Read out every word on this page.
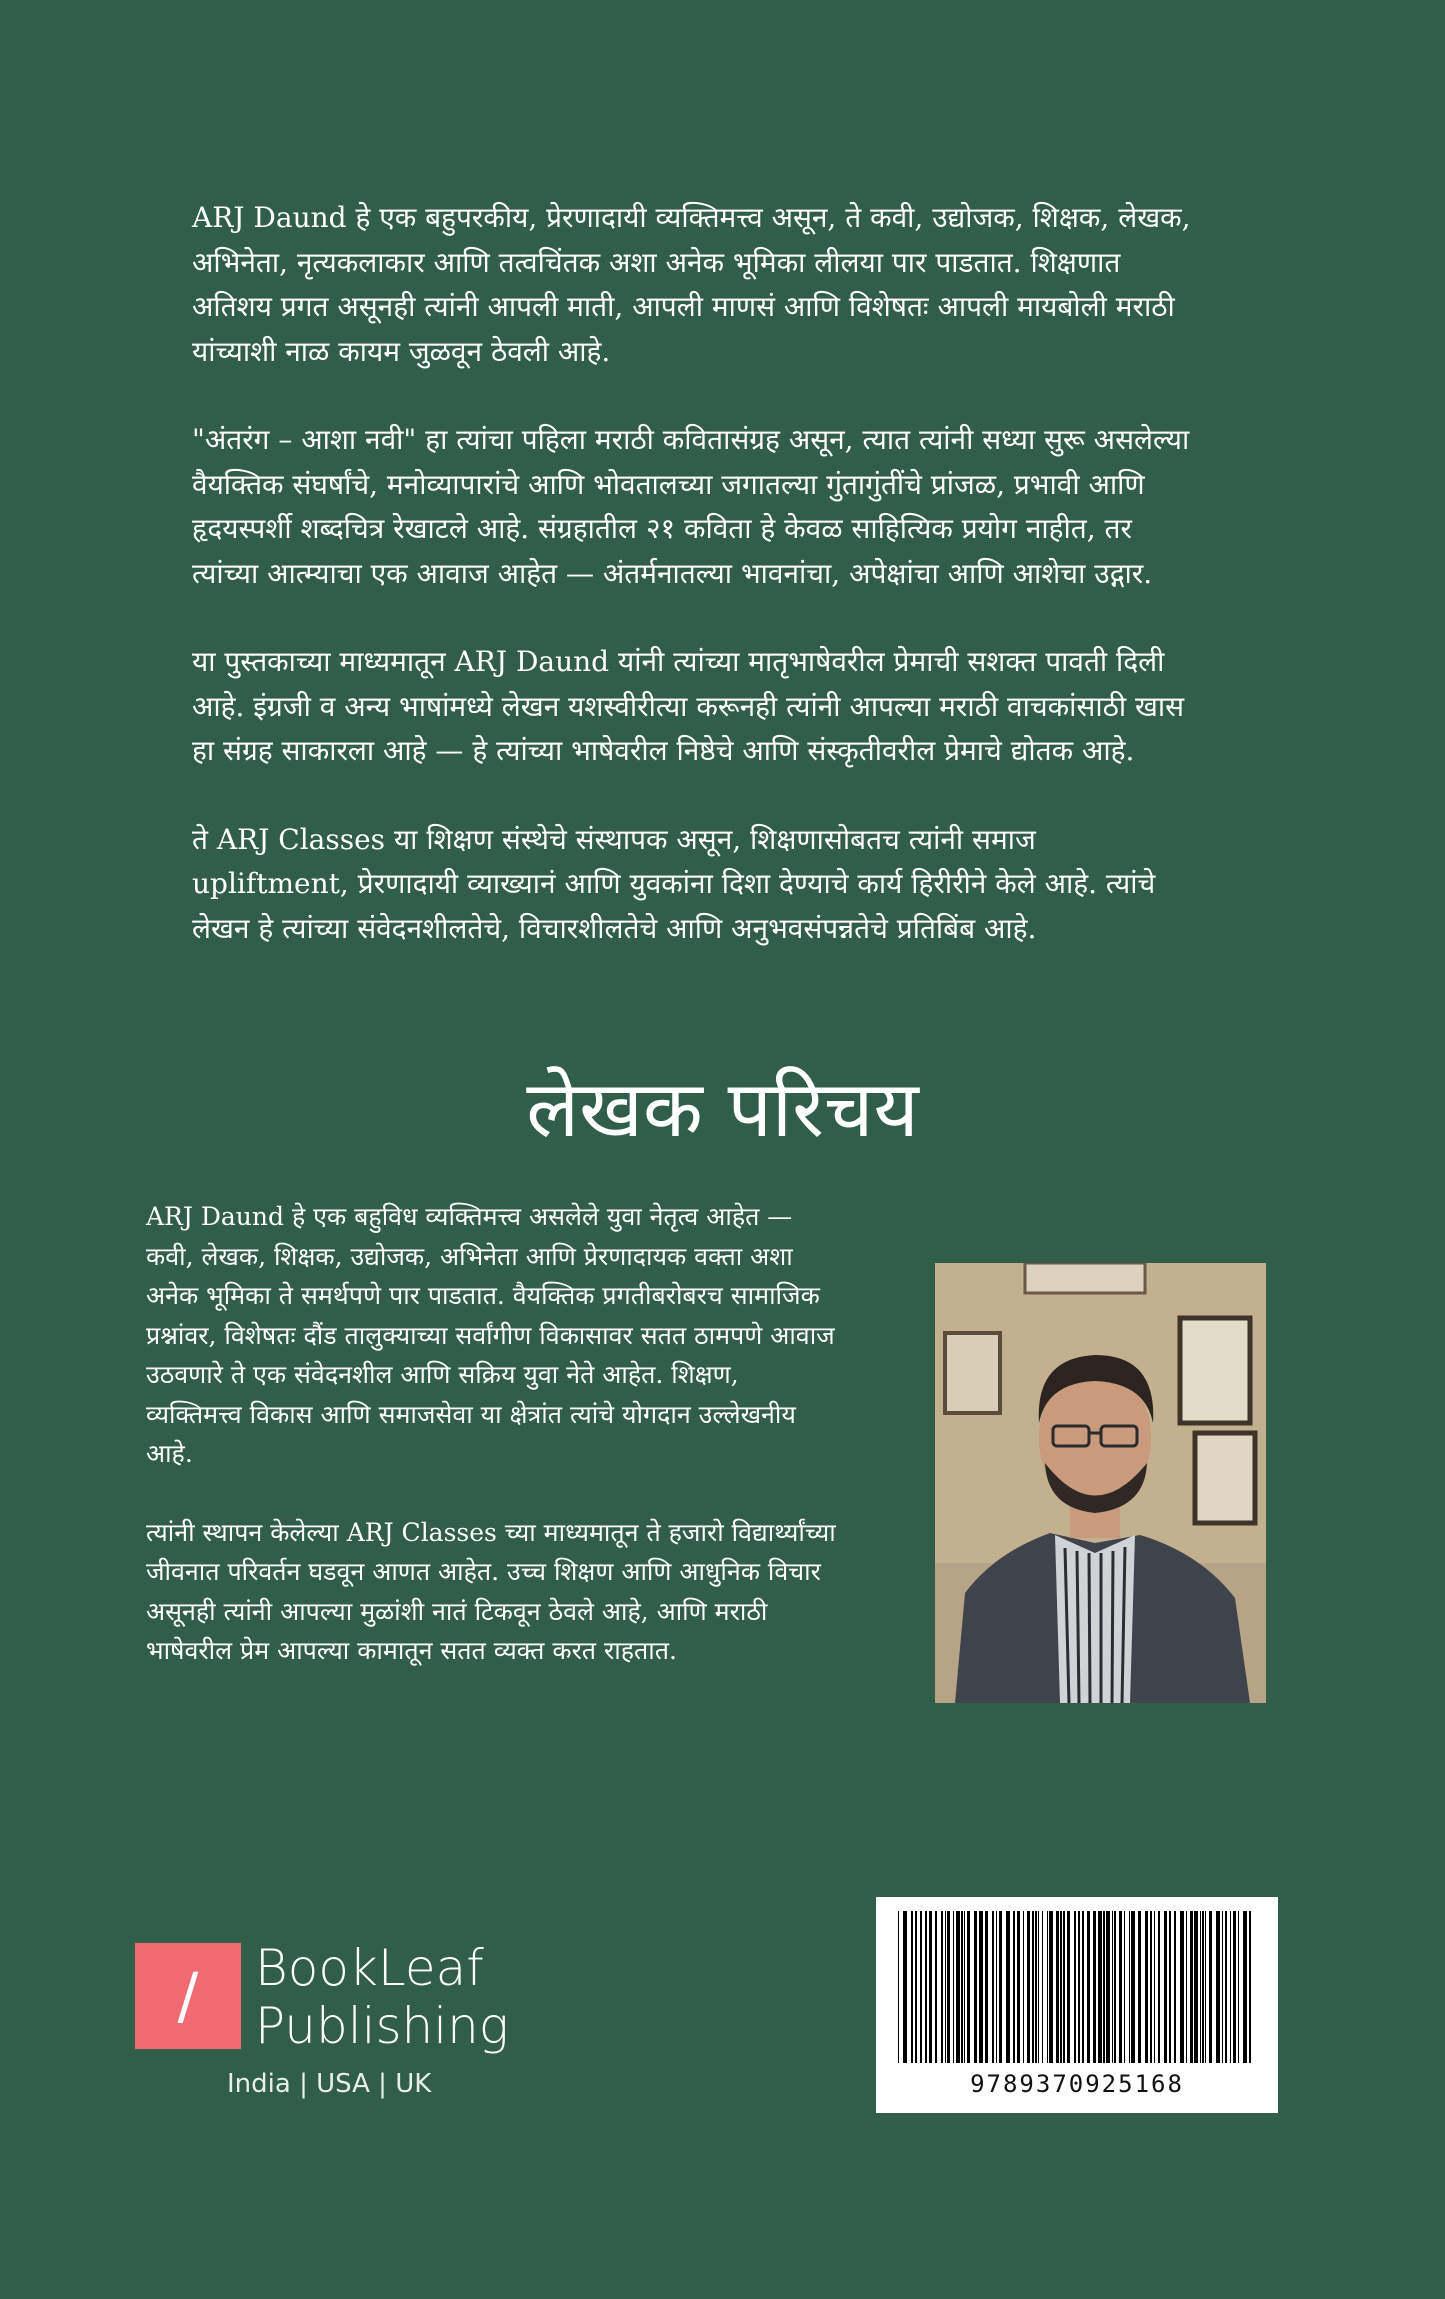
ARJ Daund हे एक बहुपरकीय, प्रेरणादायी व्यक्तिमत्त्व असून, ते कवी, उद्योजक, शिक्षक, लेखक, अभिनेता, नृत्यकलाकार आणि तत्वचिंतक अशा अनेक भूमिका लीलया पार पाडतात. शिक्षणात अतिशय प्रगत असूनही त्यांनी आपली माती, आपली माणसं आणि विशेषतः आपली मायबोली मराठी यांच्याशी नाळ कायम जुळवून ठेवली आहे.

"अंतरंग – आशा नवी" हा त्यांचा पहिला मराठी कवितासंग्रह असून, त्यात त्यांनी सध्या सुरू असलेल्या वैयक्तिक संघर्षांचे, मनोव्यापारांचे आणि भोवतालच्या जगातल्या गुंतागुंतींचे प्रांजळ, प्रभावी आणि हृदयस्पर्शी शब्दचित्र रेखाटले आहे. संग्रहातील २१ कविता हे केवळ साहित्यिक प्रयोग नाहीत, तर त्यांच्या आत्म्याचा एक आवाज आहेत — अंतर्मनातल्या भावनांचा, अपेक्षांचा आणि आशेचा उद्गार.

या पुस्तकाच्या माध्यमातून ARJ Daund यांनी त्यांच्या मातृभाषेवरील प्रेमाची सशक्त पावती दिली आहे. इंग्रजी व अन्य भाषांमध्ये लेखन यशस्वीरीत्या करूनही त्यांनी आपल्या मराठी वाचकांसाठी खास हा संग्रह साकारला आहे — हे त्यांच्या भाषेवरील निष्ठेचे आणि संस्कृतीवरील प्रेमाचे द्योतक आहे.

ते ARJ Classes या शिक्षण संस्थेचे संस्थापक असून, शिक्षणासोबतच त्यांनी समाज upliftment, प्रेरणादायी व्याख्यानं आणि युवकांना दिशा देण्याचे कार्य हिरीरीने केले आहे. त्यांचे लेखन हे त्यांच्या संवेदनशीलतेचे, विचारशीलतेचे आणि अनुभवसंपन्नतेचे प्रतिबिंब आहे.

लेखक परिचय

ARJ Daund हे एक बहुविध व्यक्तिमत्त्व असलेले युवा नेतृत्व आहेत — कवी, लेखक, शिक्षक, उद्योजक, अभिनेता आणि प्रेरणादायक वक्ता अशा अनेक भूमिका ते समर्थपणे पार पाडतात. वैयक्तिक प्रगतीबरोबरच सामाजिक प्रश्नांवर, विशेषतः दौंड तालुक्याच्या सर्वांगीण विकासावर सतत ठामपणे आवाज उठवणारे ते एक संवेदनशील आणि सक्रिय युवा नेते आहेत. शिक्षण, व्यक्तिमत्त्व विकास आणि समाजसेवा या क्षेत्रांत त्यांचे योगदान उल्लेखनीय आहे.

त्यांनी स्थापन केलेल्या ARJ Classes च्या माध्यमातून ते हजारो विद्यार्थ्यांच्या जीवनात परिवर्तन घडवून आणत आहेत. उच्च शिक्षण आणि आधुनिक विचार असूनही त्यांनी आपल्या मुळांशी नातं टिकवून ठेवले आहे, आणि मराठी भाषेवरील प्रेम आपल्या कामातून सतत व्यक्त करत राहतात.

/	BookLeaf
Publishing
India | USA | UK	9789370925168
